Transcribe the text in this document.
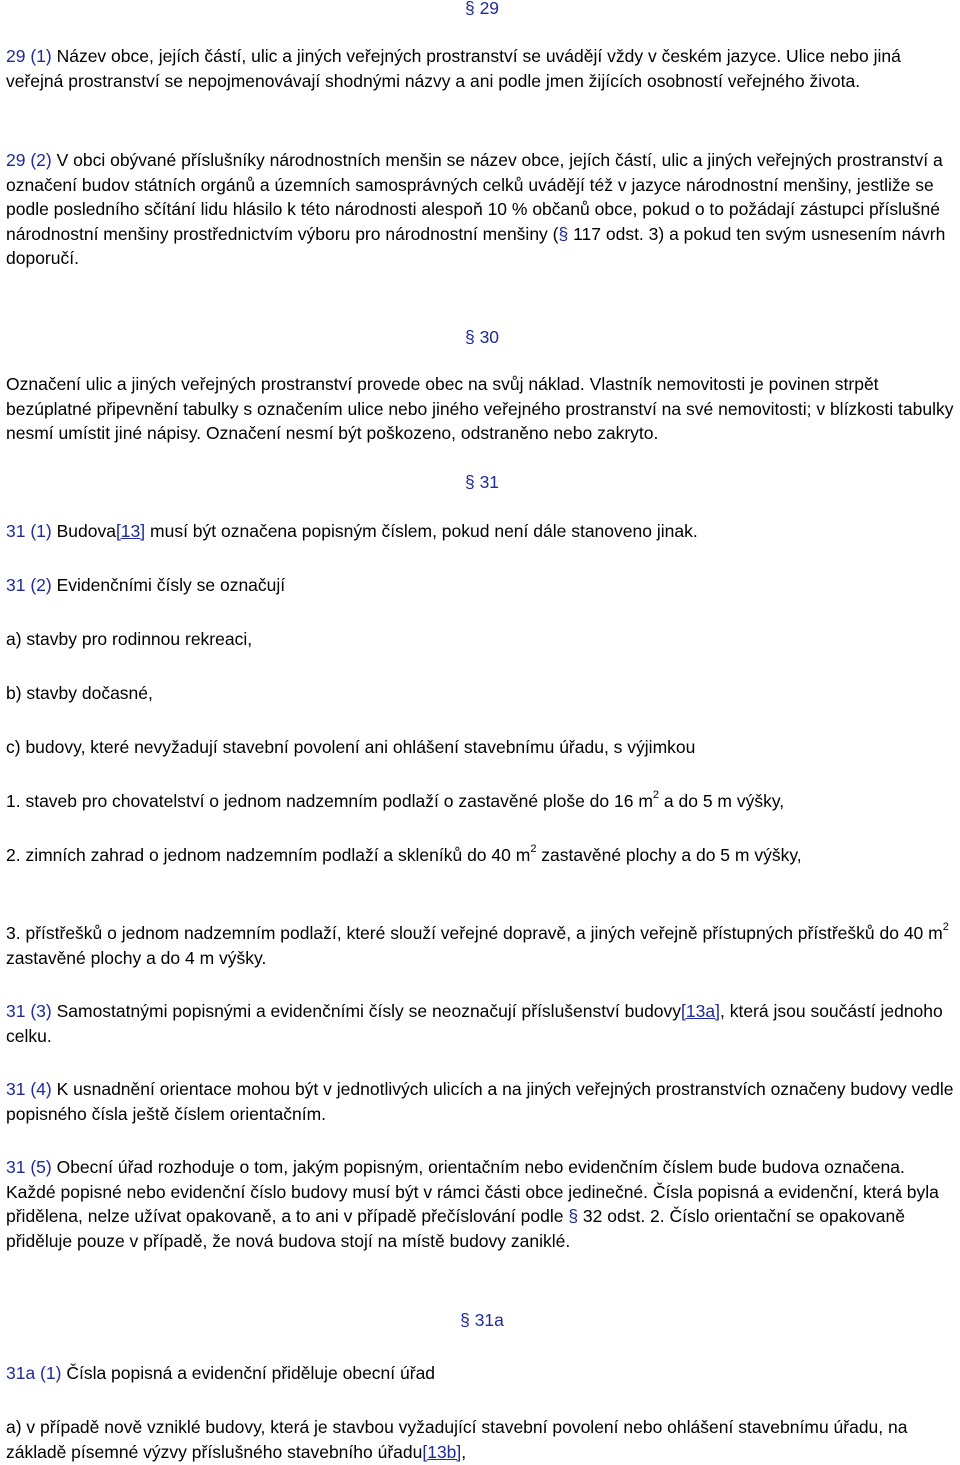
§ 29

29 (1) Název obce, jejích částí, ulic a jiných veřejných prostranství se uvádějí vždy v českém jazyce. Ulice nebo jiná veřejná prostranství se nepojmenovávají shodnými názvy a ani podle jmen žijících osobností veřejného života.

29 (2) V obci obývané příslušníky národnostních menšin se název obce, jejích částí, ulic a jiných veřejných prostranství a označení budov státních orgánů a územních samosprávných celků uvádějí též v jazyce národnostní menšiny, jestliže se podle posledního sčítání lidu hlásilo k této národnosti alespoň 10 % občanů obce, pokud o to požádají zástupci příslušné národnostní menšiny prostřednictvím výboru pro národnostní menšiny (§ 117 odst. 3) a pokud ten svým usnesením návrh doporučí.

§ 30

Označení ulic a jiných veřejných prostranství provede obec na svůj náklad. Vlastník nemovitosti je povinen strpět bezúplatné připevnění tabulky s označením ulice nebo jiného veřejného prostranství na své nemovitosti; v blízkosti tabulky nesmí umístit jiné nápisy. Označení nesmí být poškozeno, odstraněno nebo zakryto.

§ 31

31 (1) Budova[13] musí být označena popisným číslem, pokud není dále stanoveno jinak.

31 (2) Evidenčními čísly se označují

a) stavby pro rodinnou rekreaci,

b) stavby dočasné,

c) budovy, které nevyžadují stavební povolení ani ohlášení stavebnímu úřadu, s výjimkou

1. staveb pro chovatelství o jednom nadzemním podlaží o zastavěné ploše do 16 $m^2$ a do 5 m výšky,

2. zimních zahrad o jednom nadzemním podlaží a skleníků do 40 $m^2$ zastavěné plochy a do 5 m výšky,

3. přístřešků o jednom nadzemním podlaží, které slouží veřejné dopravě, a jiných veřejně přístupných přístřešků do 40 $m^2$ zastavěné plochy a do 4 m výšky.

31 (3) Samostatnými popisnými a evidenčními čísly se neoznačují příslušenství budovy[13a], která jsou součástí jednoho celku.

31 (4) K usnadnění orientace mohou být v jednotlivých ulicích a na jiných veřejných prostranstvích označeny budovy vedle popisného čísla ještě číslem orientačním.

31 (5) Obecní úřad rozhoduje o tom, jakým popisným, orientačním nebo evidenčním číslem bude budova označena. Každé popisné nebo evidenční číslo budovy musí být v rámci části obce jedinečné. Čísla popisná a evidenční, která byla přidělena, nelze užívat opakovaně, a to ani v případě přečíslování podle § 32 odst. 2. Číslo orientační se opakovaně přiděluje pouze v případě, že nová budova stojí na místě budovy zaniklé.

§ 31a

31a (1) Čísla popisná a evidenční přiděluje obecní úřad

a) v případě nově vzniklé budovy, která je stavbou vyžadující stavební povolení nebo ohlášení stavebnímu úřadu, na základě písemné výzvy příslušného stavebního úřadu[13b],
